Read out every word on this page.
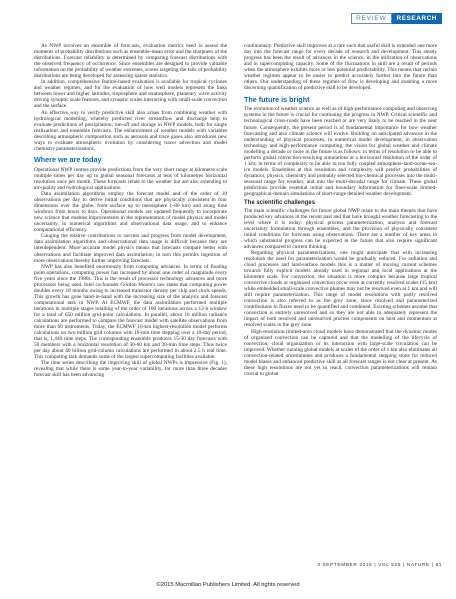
REVIEW	RESEARCH

As NWP involves an ensemble of forecasts, evaluation metrics need to assess the moments of probability distributions such as ensemble-mean error and the sharpness of the distributions. Forecast reliability is determined by comparing forecast distributions with the observed frequency of occurrence. Since ensembles are designed to provide valuable information on the probability of weather extremes, scores targeting the tails of probability distributions are being developed for assessing sparse statistics.

In addition, comprehensive feature-based evaluation is available for tropical cyclones and weather regimes, and for the evaluation of how well models represent the links between lower and higher latitudes, troposphere and stratosphere, planetary wave activity driving synoptic scale features, and synoptic scales interacting with small-scale convection and the surface.

An effective way to verify predictive skill also arises from combining weather with hydrological modelling, whereby predicted river streamflow and discharge help to evaluate predictions of precipitation, run-off and storage in NWP models, both for single realizations and ensemble forecasts. The enhancement of weather models with variables describing atmospheric composition such as aerosols and trace gases also introduces new ways to evaluate atmospheric evolution by considering tracer advection and model chemistry parameterizations.

Where we are today

Operational NWP centres provide predictions from the very short range at kilometre scale multiple times per day up to global seasonal forecasts at tens of kilometres horizontal resolution once per month. These forecasts relate to the weather but are also extending to air-quality and hydrological applications.

Data assimilation algorithms employ the forecast model and of the order of 10 observations per day to derive initial conditions that are physically consistent in four dimensions over the globe, from surface up to mesosphere (~80 km) and along time windows from hours to days. Operational models are updated frequently to incorporate new science that enables improvements in the representation of model physics and model uncertainty, in numerical algorithms and observational data usage, and to enhance computational efficiency.

Gauging the relative contributions to success and progress from model development, data assimilation algorithms and observational data usage is difficult because they are interdependent. More accurate model physics means that forecasts compare better with observations and facilitate improved data assimilation; in turn this permits ingestion of more observations thereby further improving forecasts.

NWP has also benefited enormously from computing advances. In terms of floating point operations, computing power has increased by about one order of magnitude every five years since the 1980s. This is the result of processor technology advances and more processors being used. Intel co-founder Gordon Moore's law states that computing power doubles every 18 months owing to increased transistor density per chip and clock speeds. This growth has gone hand-in-hand with the increasing size of the analysis and forecast computational task in NWP. At ECMWF, the data assimilation performed multiple iterations in multiple stages totalling of the order of 100 iterations across a 12-h window for a total of 650 million grid-point calculations. In parallel, about 10 million radiance calculations are performed to compare the forecast model with satellite observations from more than 60 instruments. Today, the ECMWF 16-km highest-resolution model performs calculations on two million grid columns with 10-min time stepping over a 10-day period, that is, 1,440 time steps. The corresponding ensemble produces 15-30 day forecasts with 50 members with a horizontal resolution of 30-60 km and 30-min time steps. Thus twice per day about 40 billion grid-column calculations are performed in about 2.5 h real time. This computing task demands some of the largest supercomputing facilities available.

The time series describing the improving skill of global NWPs is impressive (Fig. 1), revealing that while there is some year-to-year variability, for more than three decades forecast skill has been advancing

continuously. Predictive skill improves at a rate such that useful skill is extended one more day into the forecast range for every decade of research and development. This steady progress has been the result of advances in the science, in the utilization of observations and in supercomputing capacity. Some of the fluctuations in skill are a result of periods when the atmosphere exhibits more or less potential predictability. This means that certain weather regimes appear to be easier to predict accurately further into the future than others. Our understanding of these regimes of flow is developing and enabling a more discerning quantification of predictive skill to be developed.

The future is bright

The evolution of weather science as well as of high-performance computing and observing systems in the future is crucial for continuing the progress in NWP. Critical scientific and technological cross-roads have been reached or are very likely to be reached in the near future. Consequently, the present period is of fundamental importance for how weather forecasting and also climate science will evolve. Building on anticipated advances in the understanding of physical processes, in numerical model development, in observation technology and high-performance computing, the vision for global weather and climate modelling a decade or more in the future is as follows: in terms of resolution to be able to perform global convection-resolving simulations at a horizontal resolution of the order of 1 km; in terms of complexity to be able to run fully coupled atmosphere-land-ocean-sea-ice models. Ensembles at this resolution and complexity will predict probabilities of dynamics, physics, chemistry and probably selected bio-chemical processes into the multi-seasonal range for weather, and into the multi-decadal range for climate. These global predictions provide essential initial and boundary information for finer-scale limited-geographical-domain simulations of short-range detailed weather development.

The scientific challenges

The main scientific challenges for future global NWP relate to the main themes that have produced key advances in the recent past and that have brought weather forecasting to the level where it is today: physical process parameterization, analysis and forecast uncertainty formulation through ensembles, and the provision of physically consistent initial conditions for forecasts using observations. There are a number of key areas in which substantial progress can be expected in the future that also require significant advances compared to current thinking.

Regarding physical parameterizations, one might anticipate that with increasing resolution the need for parameterization would be gradually reduced. For radiation and cloud processes and land-surface models this is a matter of moving current schemes towards fully explicit models already used in regional and local applications at the kilometre scale. For convection, the situation is more complex because large tropical convective clouds or organized convection occur even at currently resolved scales (15 km) while embedded small-scale convective plumes may not be resolved even at 1 km and will still require parameterization. This range of model resolutions with partly resolved convection is also referred to as the grey zone, since resolved and parameterized contributions to fluxes need to be quantified and combined. Existing schemes assume that convection is entirely unresolved and so they are not able to adequately represent the impact of both resolved and unresolved process components on heat and momentum at resolved scales in the grey zone.

High-resolution limited-area cloud models have demonstrated that the dynamic modes of organized convection can be captured and that the modelling of the lifecycle of convection, cloud organization or its interaction with large-scale circulation can be improved. Whether running global models at scales of the order of 1 km also eliminates all convection-related uncertainties and produces a fundamental stepping stone for reduced model biases and enhanced predictive skill at all forecast ranges is not clear at present. As these high resolutions are not yet in reach, convection parameterizations will remain crucial to global

3 SEPTEMBER 2015 | VOL 525 | NATURE | 51
©2015 Macmillan Publishers Limited. All rights reserved
